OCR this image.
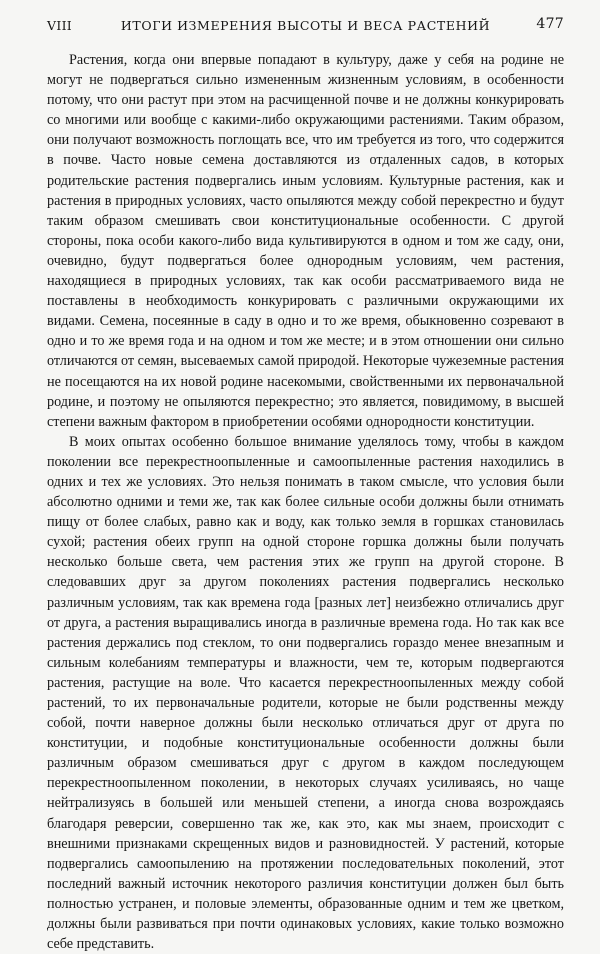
VIII	ИТОГИ ИЗМЕРЕНИЯ ВЫСОТЫ И ВЕСА РАСТЕНИЙ	477

Растения, когда они впервые попадают в культуру, даже у себя на родине не могут не подвергаться сильно измененным жизненным условиям, в особенности потому, что они растут при этом на расчищенной почве и не должны конкурировать со многими или вообще с какими-либо окружающими растениями. Таким образом, они получают возможность поглощать все, что им требуется из того, что содержится в почве. Часто новые семена доставляются из отдаленных садов, в которых родительские растения подвергались иным условиям. Культурные растения, как и растения в природных условиях, часто опыляются между собой перекрестно и будут таким образом смешивать свои конституциональные особенности. С другой стороны, пока особи какого-либо вида культивируются в одном и том же саду, они, очевидно, будут подвергаться более однородным условиям, чем растения, находящиеся в природных условиях, так как особи рассматриваемого вида не поставлены в необходимость конкурировать с различными окружающими их видами. Семена, посеянные в саду в одно и то же время, обыкновенно созревают в одно и то же время года и на одном и том же месте; и в этом отношении они сильно отличаются от семян, высеваемых самой природой. Некоторые чужеземные растения не посещаются на их новой родине насекомыми, свойственными их первоначальной родине, и поэтому не опыляются перекрестно; это является, повидимому, в высшей степени важным фактором в приобретении особями однородности конституции.

В моих опытах особенно большое внимание уделялось тому, чтобы в каждом поколении все перекрестноопыленные и самоопыленные растения находились в одних и тех же условиях. Это нельзя понимать в таком смысле, что условия были абсолютно одними и теми же, так как более сильные особи должны были отнимать пищу от более слабых, равно как и воду, как только земля в горшках становилась сухой; растения обеих групп на одной стороне горшка должны были получать несколько больше света, чем растения этих же групп на другой стороне. В следовавших друг за другом поколениях растения подвергались несколько различным условиям, так как времена года [разных лет] неизбежно отличались друг от друга, а растения выращивались иногда в различные времена года. Но так как все растения держались под стеклом, то они подвергались гораздо менее внезапным и сильным колебаниям температуры и влажности, чем те, которым подвергаются растения, растущие на воле. Что касается перекрестноопыленных между собой растений, то их первоначальные родители, которые не были родственны между собой, почти наверное должны были несколько отличаться друг от друга по конституции, и подобные конституциональные особенности должны были различным образом смешиваться друг с другом в каждом последующем перекрестноопыленном поколении, в некоторых случаях усиливаясь, но чаще нейтрализуясь в большей или меньшей степени, а иногда снова возрождаясь благодаря реверсии, совершенно так же, как это, как мы знаем, происходит с внешними признаками скрещенных видов и разновидностей. У растений, которые подвергались самоопылению на протяжении последовательных поколений, этот последний важный источник некоторого различия конституции должен был быть полностью устранен, и половые элементы, образованные одним и тем же цветком, должны были развиваться при почти одинаковых условиях, какие только возможно себе представить.
